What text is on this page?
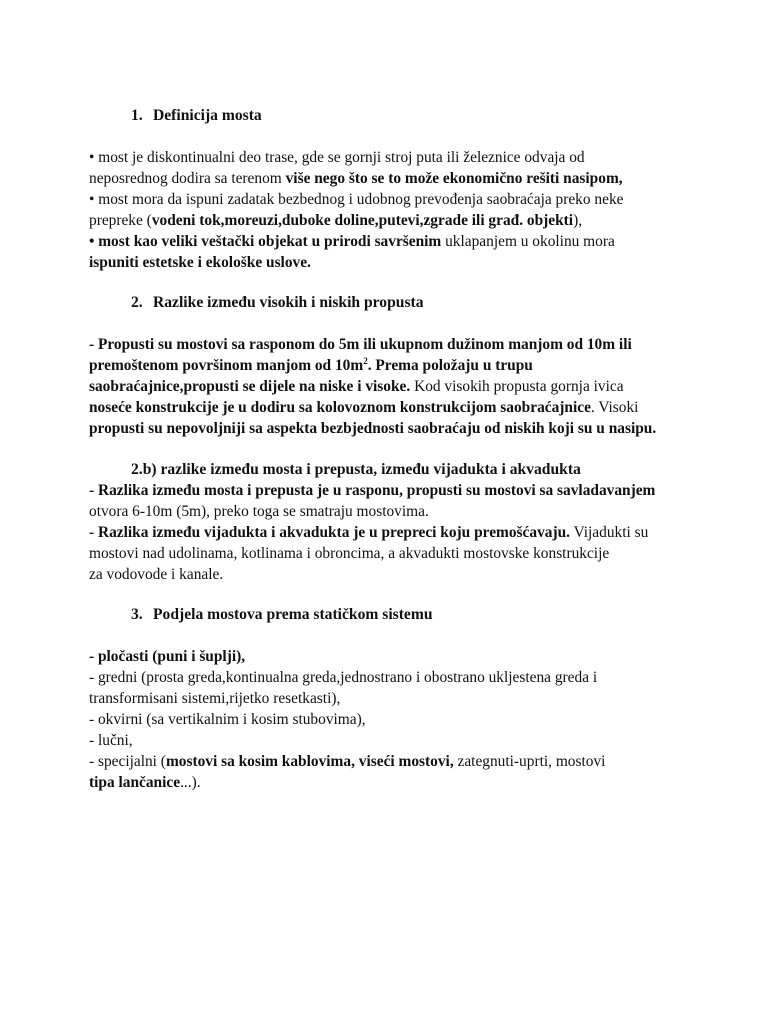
1. Definicija mosta
• most je diskontinualni deo trase, gde se gornji stroj puta ili železnice odvaja od
neposrednog dodira sa terenom više nego što se to može ekonomično rešiti nasipom,
• most mora da ispuni zadatak bezbednog i udobnog prevođenja saobraćaja preko neke
prepreke (vodeni tok,moreuzi,duboke doline,putevi,zgrade ili građ. objekti),
• most kao veliki veštački objekat u prirodi savršenim uklapanjem u okolinu mora
ispuniti estetske i ekološke uslove.
2. Razlike između visokih i niskih propusta
- Propusti su mostovi sa rasponom do 5m ili ukupnom dužinom manjom od 10m ili
premoštenom površinom manjom od $10m^2$. Prema položaju u trupu
saobraćajnice,propusti se dijele na niske i visoke. Kod visokih propusta gornja ivica
noseće konstrukcije je u dodiru sa kolovoznom konstrukcijom saobraćajnice. Visoki
propusti su nepovoljniji sa aspekta bezbjednosti saobraćaju od niskih koji su u nasipu.
2.b) razlike između mosta i prepusta, između vijadukta i akvadukta
- Razlika između mosta i prepusta je u rasponu, propusti su mostovi sa savladavanjem
otvora 6-10m (5m), preko toga se smatraju mostovima.
- Razlika između vijadukta i akvadukta je u prepreci koju premošćavaju. Vijadukti su
mostovi nad udolinama, kotlinama i obroncima, a akvadukti mostovske konstrukcije
za vodovode i kanale.
3. Podjela mostova prema statičkom sistemu
- pločasti (puni i šuplji),
- gredni (prosta greda,kontinualna greda,jednostrano i obostrano ukljestena greda i
transformisani sistemi,rijetko resetkasti),
- okvirni (sa vertikalnim i kosim stubovima),
- lučni,
- specijalni (mostovi sa kosim kablovima, viseći mostovi, zategnuti-uprti, mostovi
tipa lančanice...).
